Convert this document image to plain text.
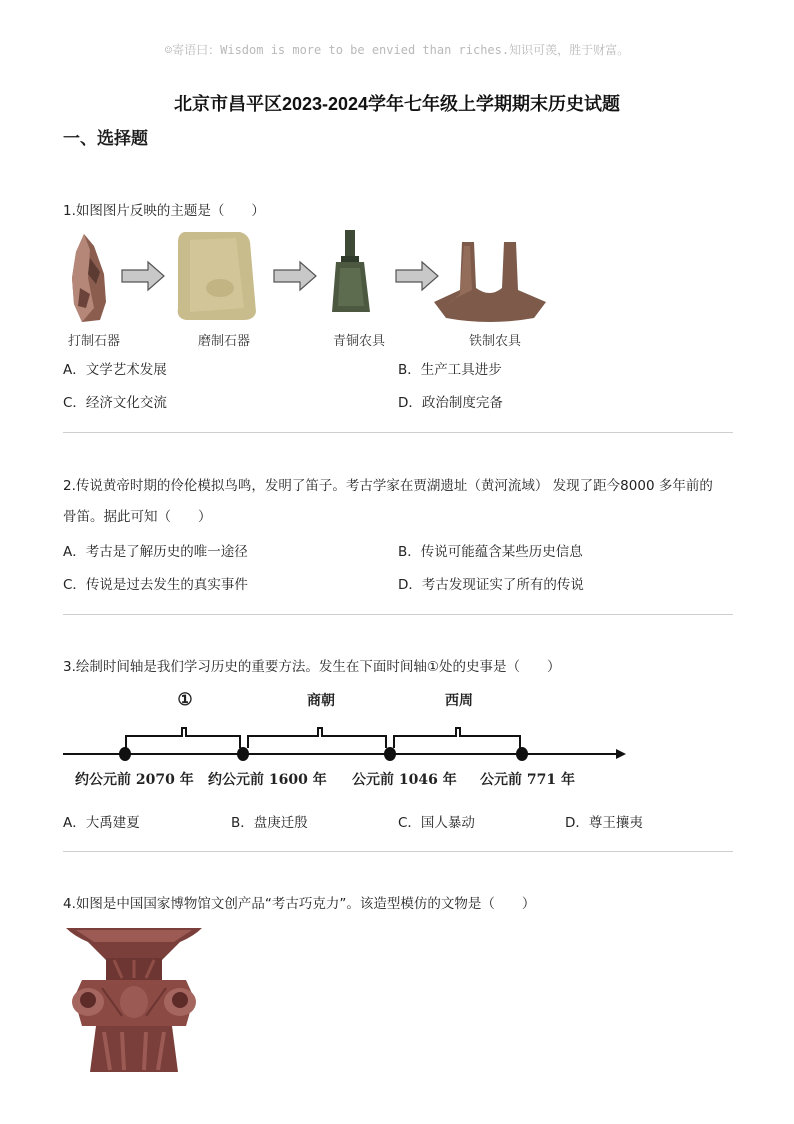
☺寄语曰：Wisdom is more to be envied than riches.知识可羡，胜于财富。
北京市昌平区2023-2024学年七年级上学期期末历史试题
一、选择题
1.如图图片反映的主题是（　　）
打制石器	磨制石器	青铜农具	铁制农具
A．文学艺术发展	B．生产工具进步
C．经济文化交流	D．政治制度完备
2.传说黄帝时期的伶伦模拟鸟鸣，发明了笛子。考古学家在贾湖遗址（黄河流域） 发现了距今8000 多年前的
骨笛。据此可知（　　）
A．考古是了解历史的唯一途径	B．传说可能蕴含某些历史信息
C．传说是过去发生的真实事件	D．考古发现证实了所有的传说
3.绘制时间轴是我们学习历史的重要方法。发生在下面时间轴①处的史事是（　　）
①	商朝	西周
约公元前 2070 年 约公元前 1600 年 公元前 1046 年 公元前 771 年
A．大禹建夏	B．盘庚迁殷	C．国人暴动	D．尊王攘夷
4.如图是中国国家博物馆文创产品“考古巧克力”。该造型模仿的文物是（　　）
